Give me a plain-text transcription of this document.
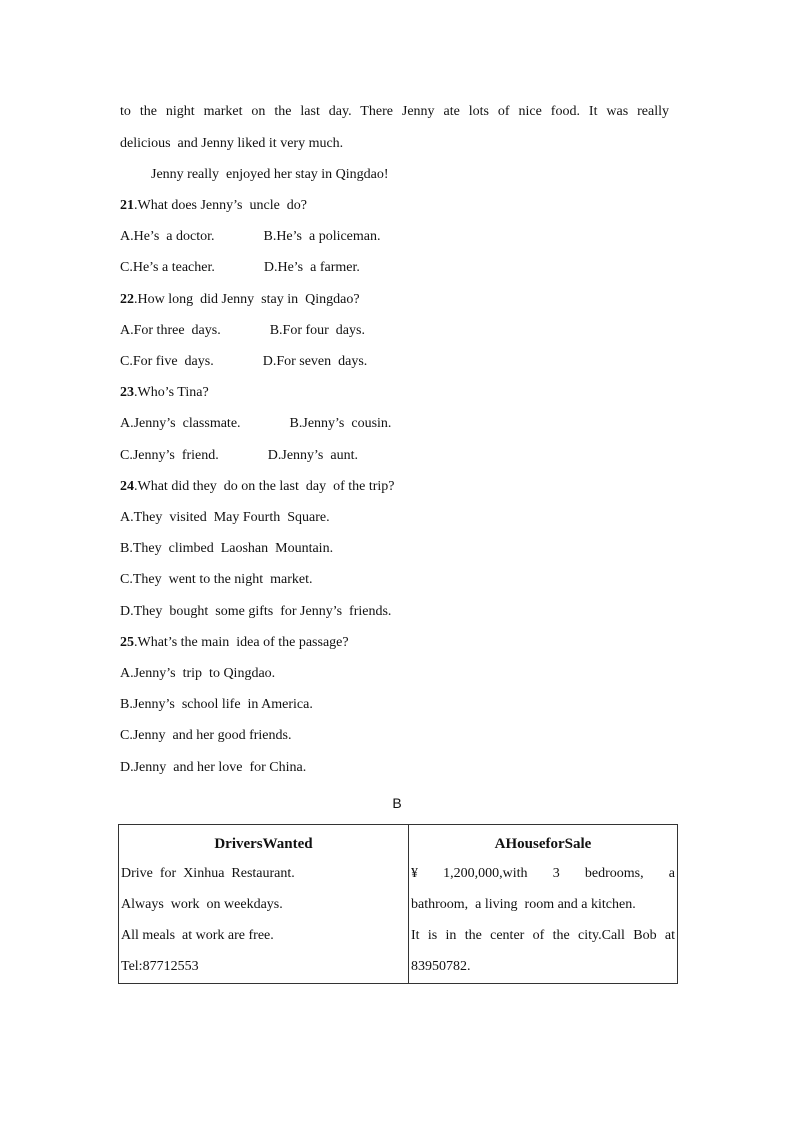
to the night market on the last day. There Jenny ate lots of nice food. It was really

delicious  and Jenny liked it very much.

Jenny really  enjoyed her stay in Qingdao!

21.What does Jenny’s  uncle  do?

A.He’s  a doctor.              B.He’s  a policeman.

C.He’s a teacher.              D.He’s  a farmer.

22.How long  did Jenny  stay in  Qingdao?

A.For three  days.              B.For four  days.

C.For five  days.              D.For seven  days.

23.Who’s Tina?

A.Jenny’s  classmate.              B.Jenny’s  cousin.

C.Jenny’s  friend.              D.Jenny’s  aunt.

24.What did they  do on the last  day  of the trip?

A.They  visited  May Fourth  Square.

B.They  climbed  Laoshan  Mountain.

C.They  went to the night  market.

D.They  bought  some gifts  for Jenny’s  friends.

25.What’s the main  idea of the passage?

A.Jenny’s  trip  to Qingdao.

B.Jenny’s  school life  in America.

C.Jenny  and her good friends.

D.Jenny  and her love  for China.

B
DriversWanted
Drive  for  Xinhua  Restaurant.
Always  work  on weekdays.
All meals  at work are free.
Tel:87712553

AHouseforSale
¥ 1,200,000,with 3 bedrooms, a
bathroom,  a living  room and a kitchen.
It is in the center of the city.Call Bob at
83950782.
